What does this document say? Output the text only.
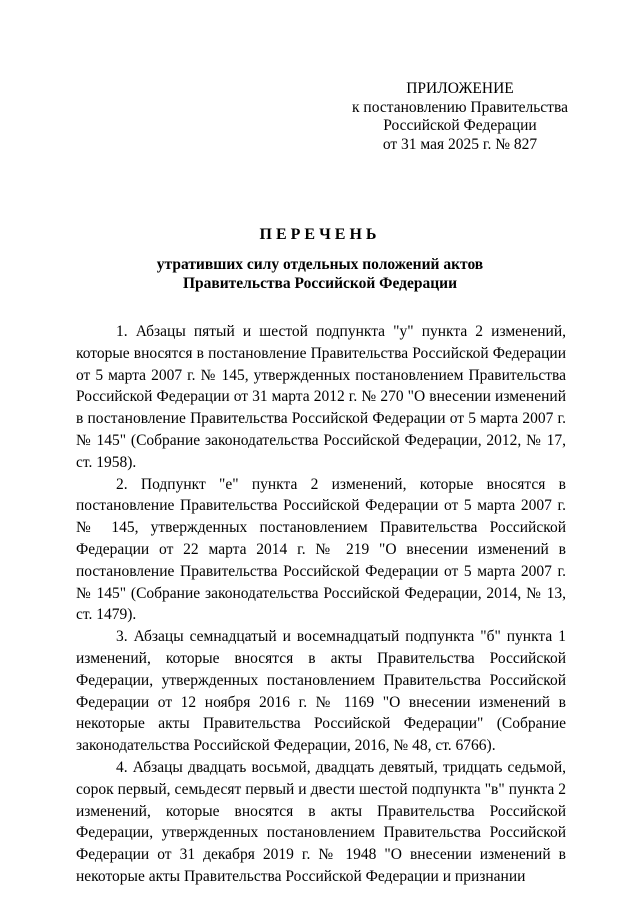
ПРИЛОЖЕНИЕ
к постановлению Правительства
Российской Федерации
от 31 мая 2025 г. № 827
ПЕРЕЧЕНЬ
утративших силу отдельных положений актов
Правительства Российской Федерации

1. Абзацы пятый и шестой подпункта "у" пункта 2 изменений, которые вносятся в постановление Правительства Российской Федерации от 5 марта 2007 г. № 145, утвержденных постановлением Правительства Российской Федерации от 31 марта 2012 г. № 270 "О внесении изменений в постановление Правительства Российской Федерации от 5 марта 2007 г. № 145" (Собрание законодательства Российской Федерации, 2012, № 17, ст. 1958).

2. Подпункт "е" пункта 2 изменений, которые вносятся в постановление Правительства Российской Федерации от 5 марта 2007 г. № 145, утвержденных постановлением Правительства Российской Федерации от 22 марта 2014 г. № 219 "О внесении изменений в постановление Правительства Российской Федерации от 5 марта 2007 г. № 145" (Собрание законодательства Российской Федерации, 2014, № 13, ст. 1479).

3. Абзацы семнадцатый и восемнадцатый подпункта "б" пункта 1 изменений, которые вносятся в акты Правительства Российской Федерации, утвержденных постановлением Правительства Российской Федерации от 12 ноября 2016 г. № 1169 "О внесении изменений в некоторые акты Правительства Российской Федерации" (Собрание законодательства Российской Федерации, 2016, № 48, ст. 6766).

4. Абзацы двадцать восьмой, двадцать девятый, тридцать седьмой, сорок первый, семьдесят первый и двести шестой подпункта "в" пункта 2 изменений, которые вносятся в акты Правительства Российской Федерации, утвержденных постановлением Правительства Российской Федерации от 31 декабря 2019 г. № 1948 "О внесении изменений в некоторые акты Правительства Российской Федерации и признании
